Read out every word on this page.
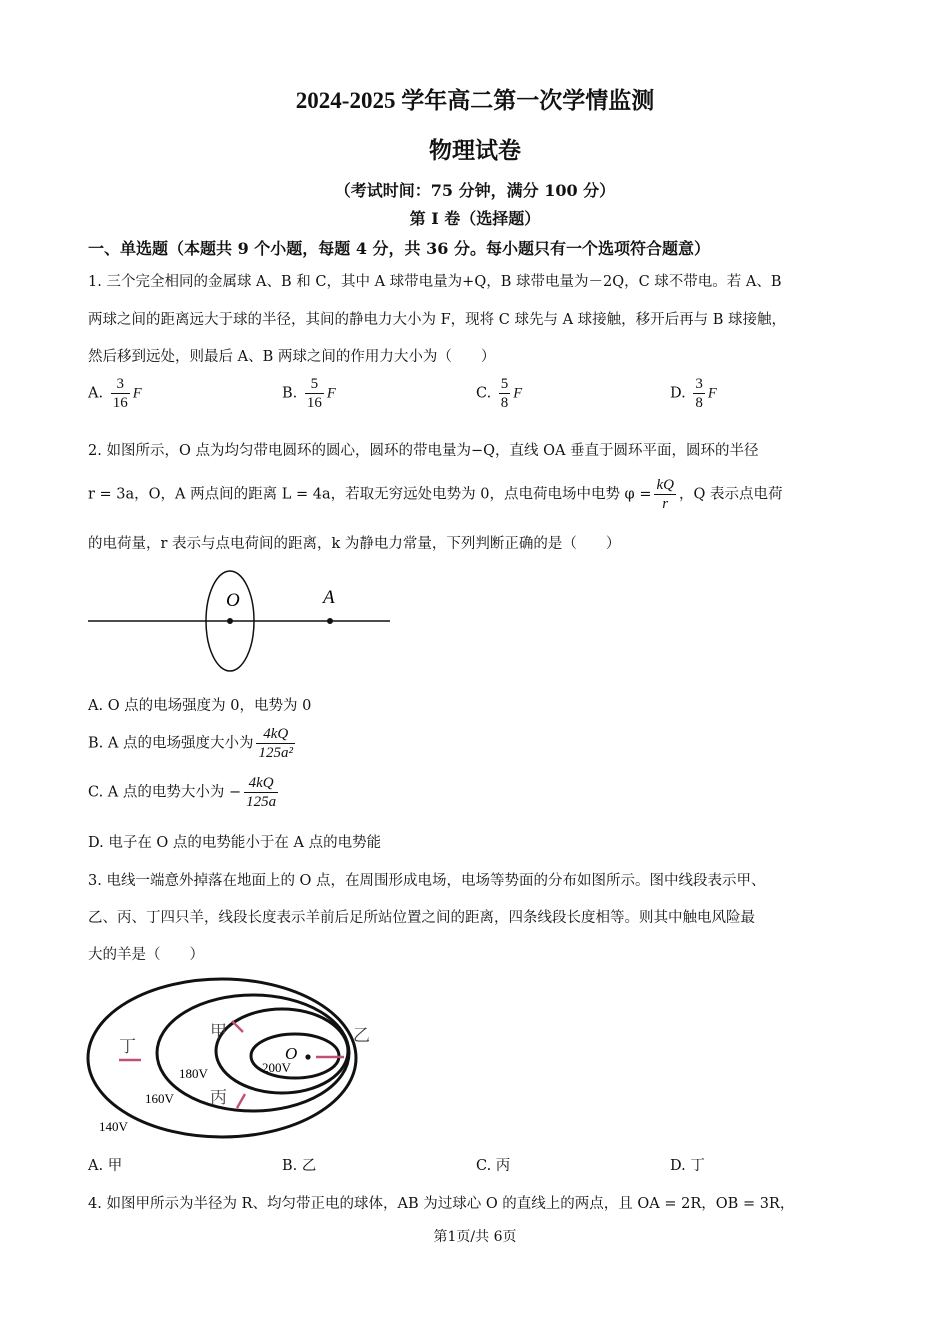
2024-2025 学年高二第一次学情监测
物理试卷
（考试时间：75 分钟，满分 100 分）
第 I 卷（选择题）
一、单选题（本题共 9 个小题，每题 4 分，共 36 分。每小题只有一个选项符合题意）
1. 三个完全相同的金属球 A、B 和 C，其中 A 球带电量为+Q，B 球带电量为－2Q，C 球不带电。若 A、B
两球之间的距离远大于球的半径，其间的静电力大小为 F，现将 C 球先与 A 球接触，移开后再与 B 球接触，
然后移到远处，则最后 A、B 两球之间的作用力大小为（　　）
A. $\frac{3}{16}$ F	B. $\frac{5}{16}$ F	C. $\frac{5}{8}$ F	D. $\frac{3}{8}$ F
2. 如图所示，O 点为均匀带电圆环的圆心，圆环的带电量为−Q，直线 OA 垂直于圆环平面，圆环的半径
r = 3a，O，A 两点间的距离 L = 4a，若取无穷远处电势为 0，点电荷电场中电势 $\varphi = \frac{kQ}{r}$ ，Q 表示点电荷
的电荷量，r 表示与点电荷间的距离，k 为静电力常量，下列判断正确的是（　　）
O	A
A. O 点的电场强度为 0，电势为 0
B. A 点的电场强度大小为 $\frac{4kQ}{\text{125a²}}$
C. A 点的电势大小为 − $\frac{4kQ}{125a}$
D. 电子在 O 点的电势能小于在 A 点的电势能
3. 电线一端意外掉落在地面上的 O 点，在周围形成电场，电场等势面的分布如图所示。图中线段表示甲、
乙、丙、丁四只羊，线段长度表示羊前后足所站位置之间的距离，四条线段长度相等。则其中触电风险最
大的羊是（　　）
O
200V
180V
160V
140V
甲	乙
丙
丁
A. 甲	B. 乙	C. 丙	D. 丁
4. 如图甲所示为半径为 R、均匀带正电的球体，AB 为过球心 O 的直线上的两点，且 OA = 2R，OB = 3R，
第1页/共 6页
